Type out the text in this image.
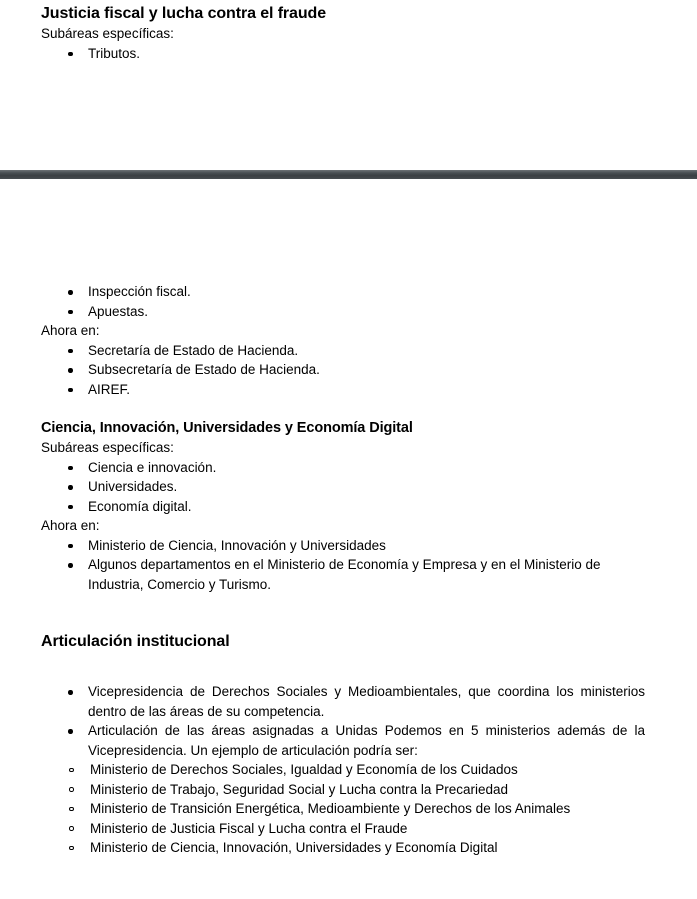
Justicia fiscal y lucha contra el fraude

Subáreas específicas:

Tributos.
Inspección fiscal.
Apuestas.

Ahora en:

Secretaría de Estado de Hacienda.
Subsecretaría de Estado de Hacienda.
AIREF.
Ciencia, Innovación, Universidades y Economía Digital

Subáreas específicas:

Ciencia e innovación.
Universidades.
Economía digital.

Ahora en:

Ministerio de Ciencia, Innovación y Universidades
Algunos departamentos en el Ministerio de Economía y Empresa y en el Ministerio de Industria, Comercio y Turismo.
Articulación institucional
Vicepresidencia de Derechos Sociales y Medioambientales, que coordina los ministerios dentro de las áreas de su competencia.
Articulación de las áreas asignadas a Unidas Podemos en 5 ministerios además de la Vicepresidencia. Un ejemplo de articulación podría ser:
Ministerio de Derechos Sociales, Igualdad y Economía de los Cuidados
Ministerio de Trabajo, Seguridad Social y Lucha contra la Precariedad
Ministerio de Transición Energética, Medioambiente y Derechos de los Animales
Ministerio de Justicia Fiscal y Lucha contra el Fraude
Ministerio de Ciencia, Innovación, Universidades y Economía Digital
